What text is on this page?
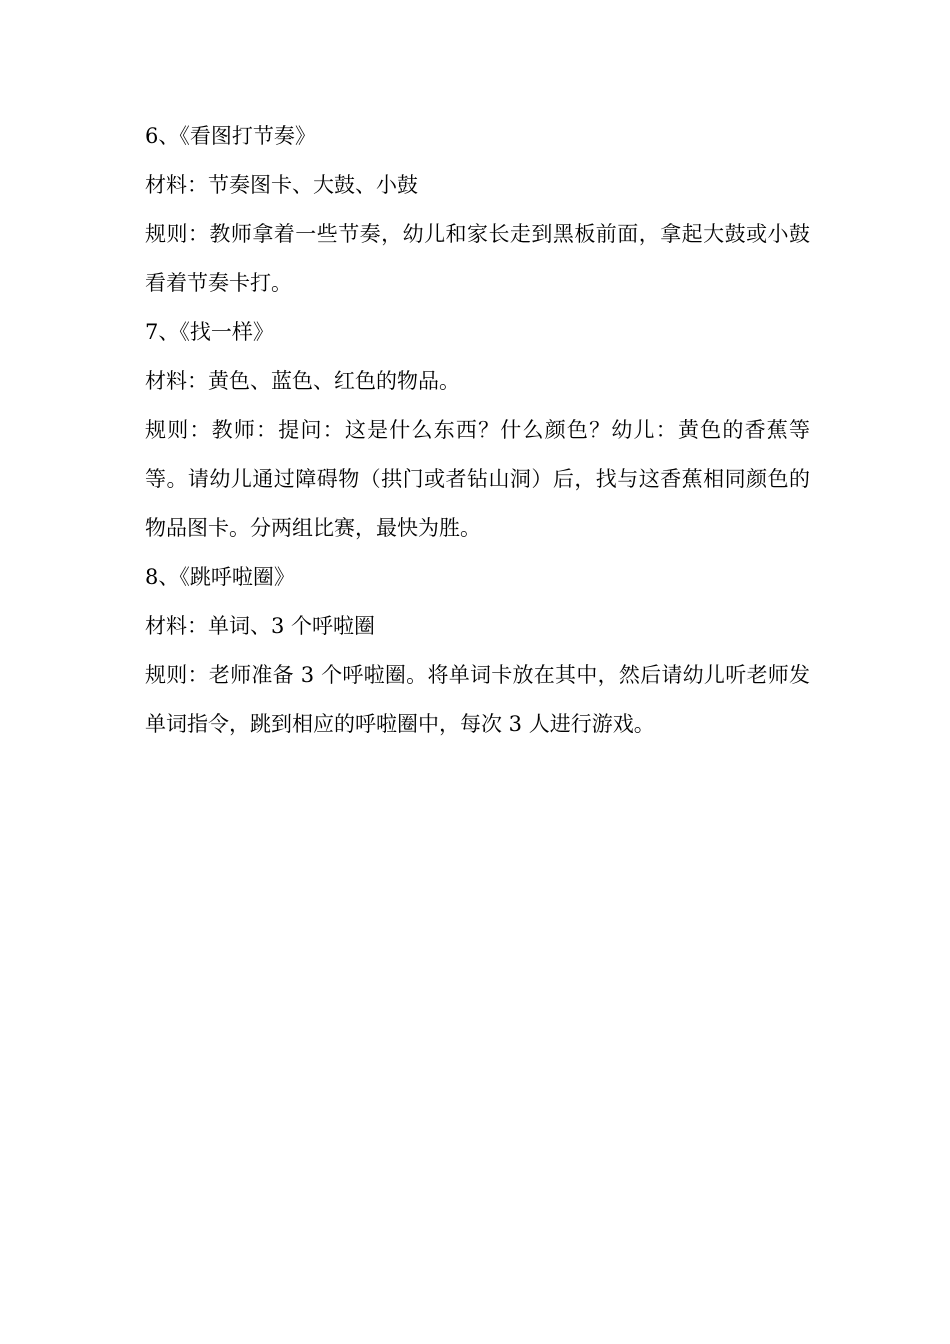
6、《看图打节奏》

材料：节奏图卡、大鼓、小鼓

规则：教师拿着一些节奏，幼儿和家长走到黑板前面，拿起大鼓或小鼓看着节奏卡打。

7、《找一样》

材料：黄色、蓝色、红色的物品。

规则：教师：提问：这是什么东西？什么颜色？幼儿：黄色的香蕉等等。请幼儿通过障碍物（拱门或者钻山洞）后，找与这香蕉相同颜色的物品图卡。分两组比赛，最快为胜。

8、《跳呼啦圈》

材料：单词、3 个呼啦圈

规则：老师准备 3 个呼啦圈。将单词卡放在其中，然后请幼儿听老师发单词指令，跳到相应的呼啦圈中，每次 3 人进行游戏。
